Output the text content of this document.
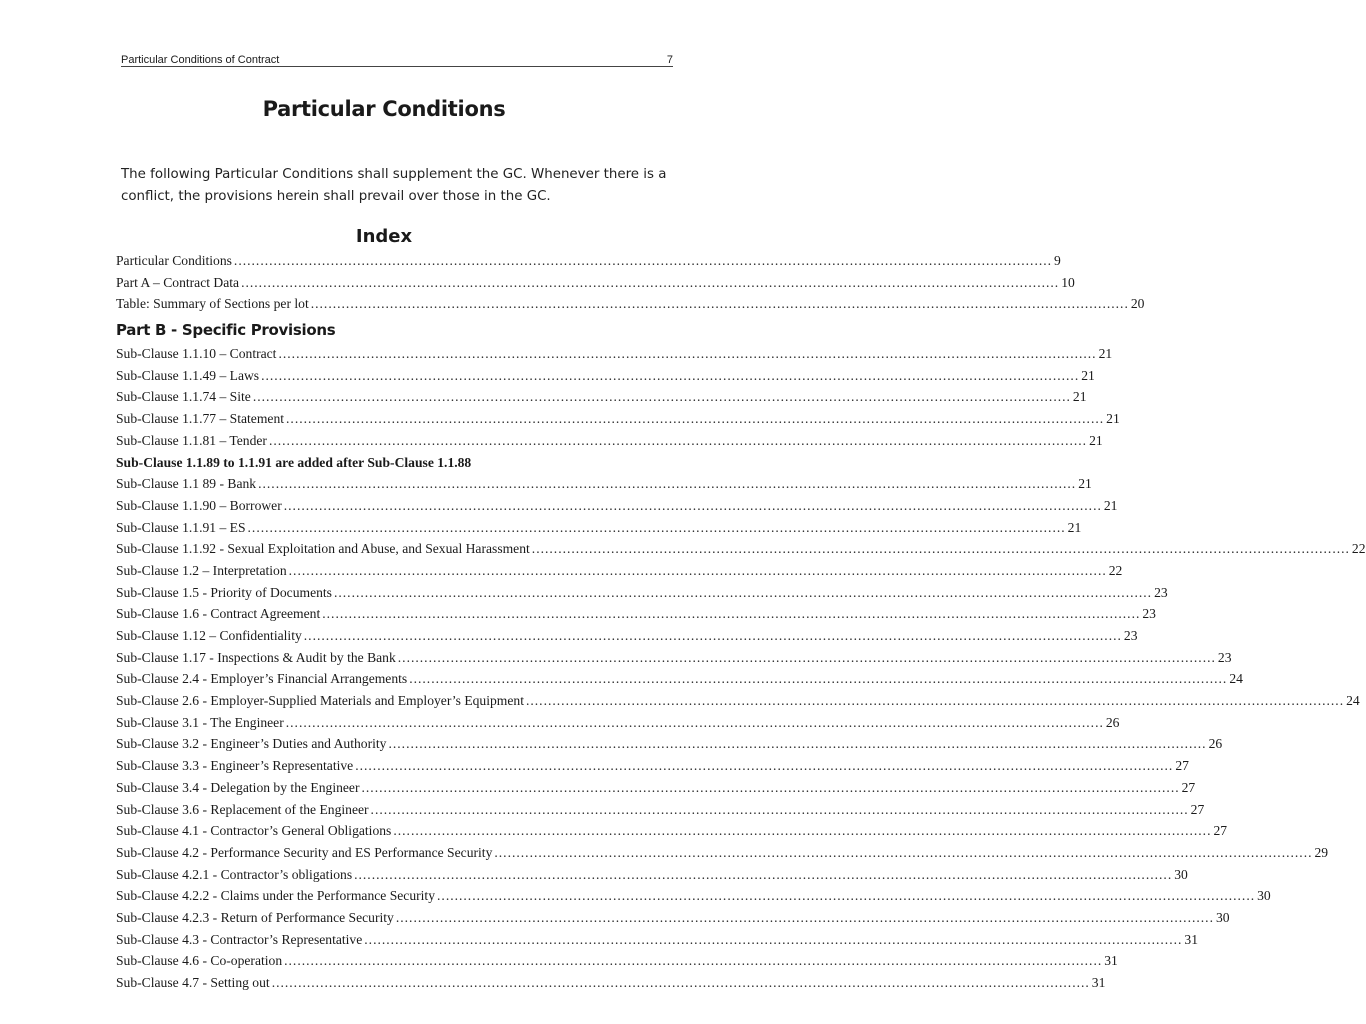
Particular Conditions of Contract	7
Particular Conditions
The following Particular Conditions shall supplement the GC. Whenever there is a conflict, the provisions herein shall prevail over those in the GC.
Index
Particular Conditions .....	9
Part A – Contract Data .....	10
Table: Summary of Sections per lot .....	20
Part B - Specific Provisions
Sub-Clause 1.1.10 – Contract .....	21
Sub-Clause 1.1.49 – Laws .....	21
Sub-Clause 1.1.74 – Site .....	21
Sub-Clause 1.1.77 – Statement .....	21
Sub-Clause 1.1.81 – Tender .....	21
Sub-Clause 1.1.89 to 1.1.91 are added after Sub-Clause 1.1.88
Sub-Clause 1.1 89 - Bank .....	21
Sub-Clause 1.1.90 – Borrower .....	21
Sub-Clause 1.1.91 – ES .....	21
Sub-Clause 1.1.92 - Sexual Exploitation and Abuse, and Sexual Harassment .....	22
Sub-Clause 1.2 – Interpretation .....	22
Sub-Clause 1.5 - Priority of Documents .....	23
Sub-Clause 1.6 - Contract Agreement .....	23
Sub-Clause 1.12 – Confidentiality .....	23
Sub-Clause 1.17 - Inspections & Audit by the Bank .....	23
Sub-Clause 2.4 - Employer’s Financial Arrangements .....	24
Sub-Clause 2.6 - Employer-Supplied Materials and Employer’s Equipment .....	24
Sub-Clause 3.1 - The Engineer .....	26
Sub-Clause 3.2 - Engineer’s Duties and Authority .....	26
Sub-Clause 3.3 - Engineer’s Representative .....	27
Sub-Clause 3.4 - Delegation by the Engineer .....	27
Sub-Clause 3.6 - Replacement of the Engineer .....	27
Sub-Clause 4.1 - Contractor’s General Obligations .....	27
Sub-Clause 4.2 - Performance Security and ES Performance Security .....	29
Sub-Clause 4.2.1 - Contractor’s obligations .....	30
Sub-Clause 4.2.2 - Claims under the Performance Security .....	30
Sub-Clause 4.2.3 - Return of Performance Security .....	30
Sub-Clause 4.3 - Contractor’s Representative .....	31
Sub-Clause 4.6 - Co-operation .....	31
Sub-Clause 4.7 - Setting out .....	31
